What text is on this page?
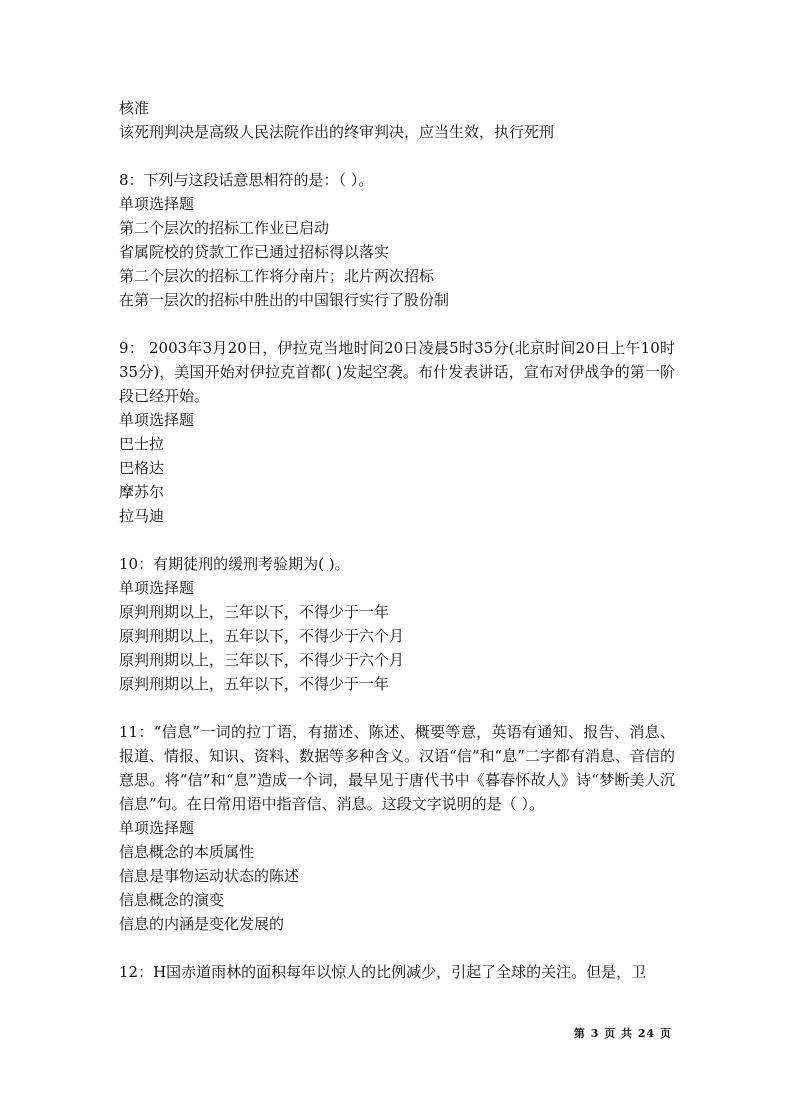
核准
该死刑判决是高级人民法院作出的终审判决，应当生效，执行死刑
8：下列与这段话意思相符的是：（ ）。
单项选择题
第二个层次的招标工作业已启动
省属院校的贷款工作已通过招标得以落实
第二个层次的招标工作将分南片；北片两次招标
在第一层次的招标中胜出的中国银行实行了股份制
9： 2003年3月20日，伊拉克当地时间20日凌晨5时35分(北京时间20日上午10时35分)，美国开始对伊拉克首都( )发起空袭。布什发表讲话，宣布对伊战争的第一阶段已经开始。
单项选择题
巴士拉
巴格达
摩苏尔
拉马迪
10：有期徒刑的缓刑考验期为( )。
单项选择题
原判刑期以上，三年以下，不得少于一年
原判刑期以上，五年以下，不得少于六个月
原判刑期以上，三年以下，不得少于六个月
原判刑期以上，五年以下，不得少于一年
11：“信息”一词的拉丁语，有描述、陈述、概要等意，英语有通知、报告、消息、报道、情报、知识、资料、数据等多种含义。汉语“信”和“息”二字都有消息、音信的意思。将“信”和“息”造成一个词，最早见于唐代书中《暮春怀故人》诗“梦断美人沉信息”句。在日常用语中指音信、消息。这段文字说明的是（ ）。
单项选择题
信息概念的本质属性
信息是事物运动状态的陈述
信息概念的演变
信息的内涵是变化发展的
12：H国赤道雨林的面积每年以惊人的比例减少，引起了全球的关注。但是，卫
第 3 页 共 24 页
